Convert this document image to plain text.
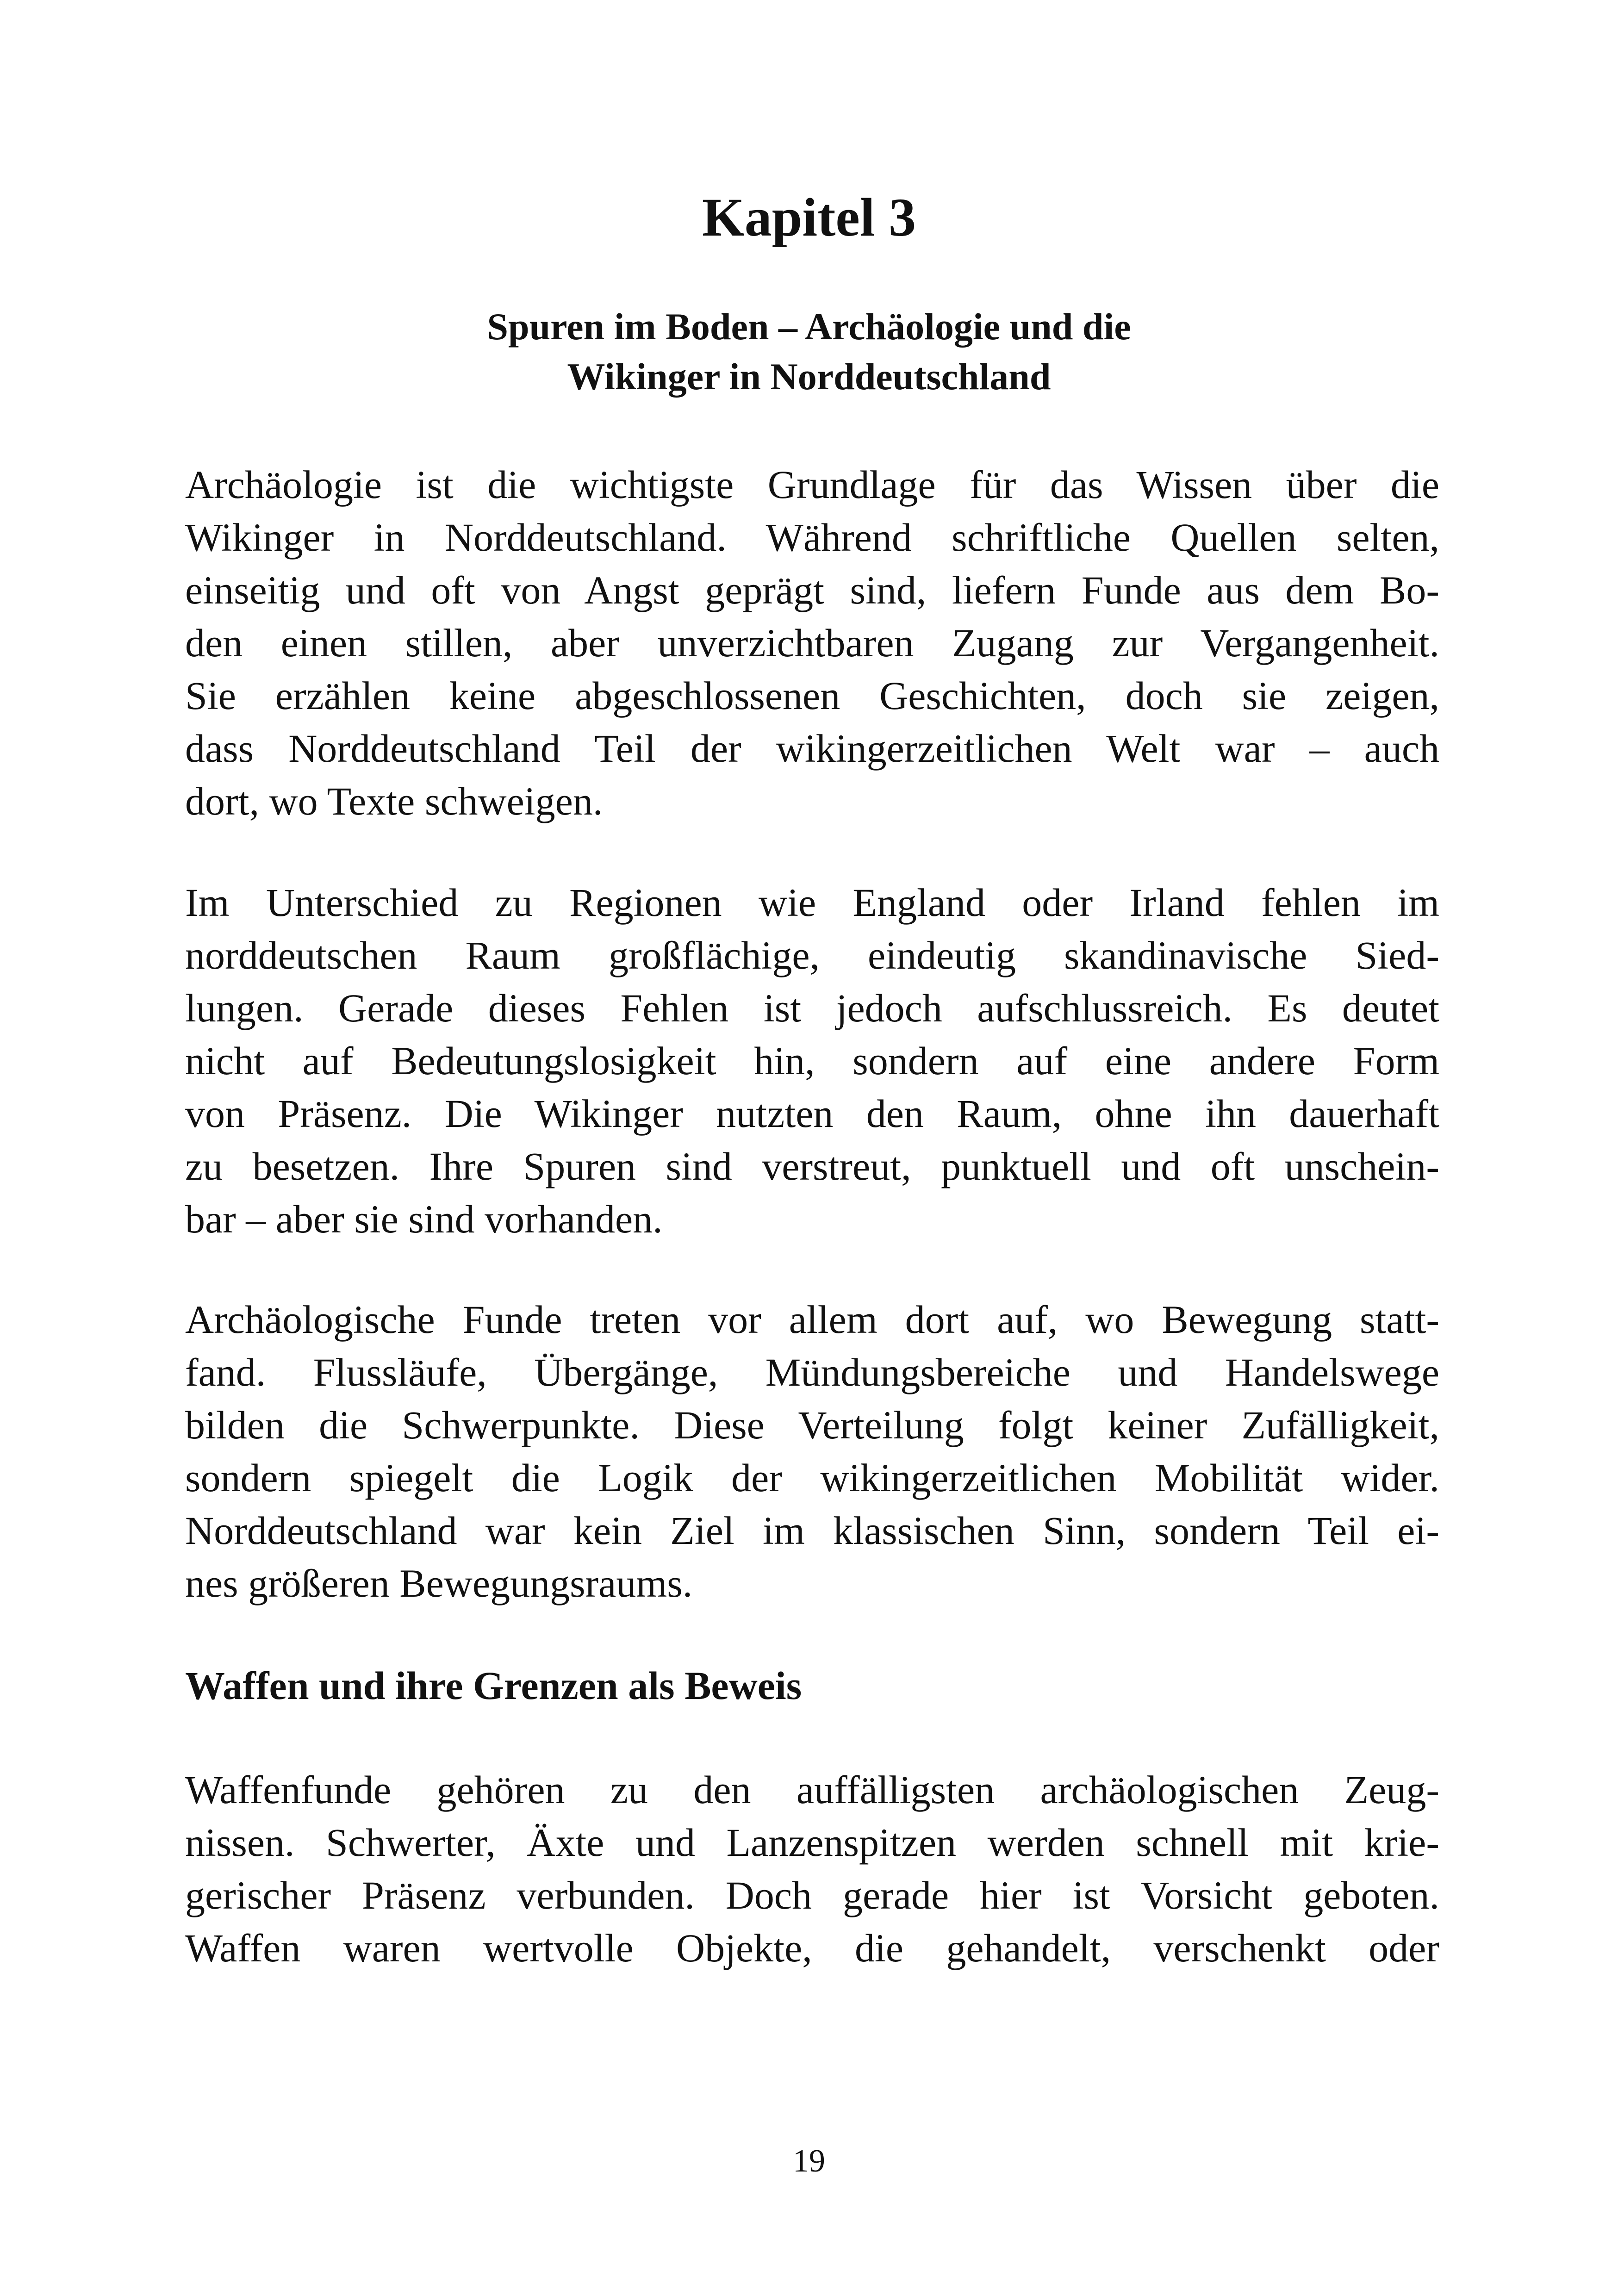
Kapitel 3
Spuren im Boden – Archäologie und die
Wikinger in Norddeutschland

Archäologie ist die wichtigste Grundlage für das Wissen über die
Wikinger in Norddeutschland. Während schriftliche Quellen selten,
einseitig und oft von Angst geprägt sind, liefern Funde aus dem Bo-
den einen stillen, aber unverzichtbaren Zugang zur Vergangenheit.
Sie erzählen keine abgeschlossenen Geschichten, doch sie zeigen,
dass Norddeutschland Teil der wikingerzeitlichen Welt war – auch
dort, wo Texte schweigen.

Im Unterschied zu Regionen wie England oder Irland fehlen im
norddeutschen Raum großflächige, eindeutig skandinavische Sied-
lungen. Gerade dieses Fehlen ist jedoch aufschlussreich. Es deutet
nicht auf Bedeutungslosigkeit hin, sondern auf eine andere Form
von Präsenz. Die Wikinger nutzten den Raum, ohne ihn dauerhaft
zu besetzen. Ihre Spuren sind verstreut, punktuell und oft unschein-
bar – aber sie sind vorhanden.

Archäologische Funde treten vor allem dort auf, wo Bewegung statt-
fand. Flussläufe, Übergänge, Mündungsbereiche und Handelswege
bilden die Schwerpunkte. Diese Verteilung folgt keiner Zufälligkeit,
sondern spiegelt die Logik der wikingerzeitlichen Mobilität wider.
Norddeutschland war kein Ziel im klassischen Sinn, sondern Teil ei-
nes größeren Bewegungsraums.

Waffen und ihre Grenzen als Beweis

Waffenfunde gehören zu den auffälligsten archäologischen Zeug-
nissen. Schwerter, Äxte und Lanzenspitzen werden schnell mit krie-
gerischer Präsenz verbunden. Doch gerade hier ist Vorsicht geboten.
Waffen waren wertvolle Objekte, die gehandelt, verschenkt oder

19
